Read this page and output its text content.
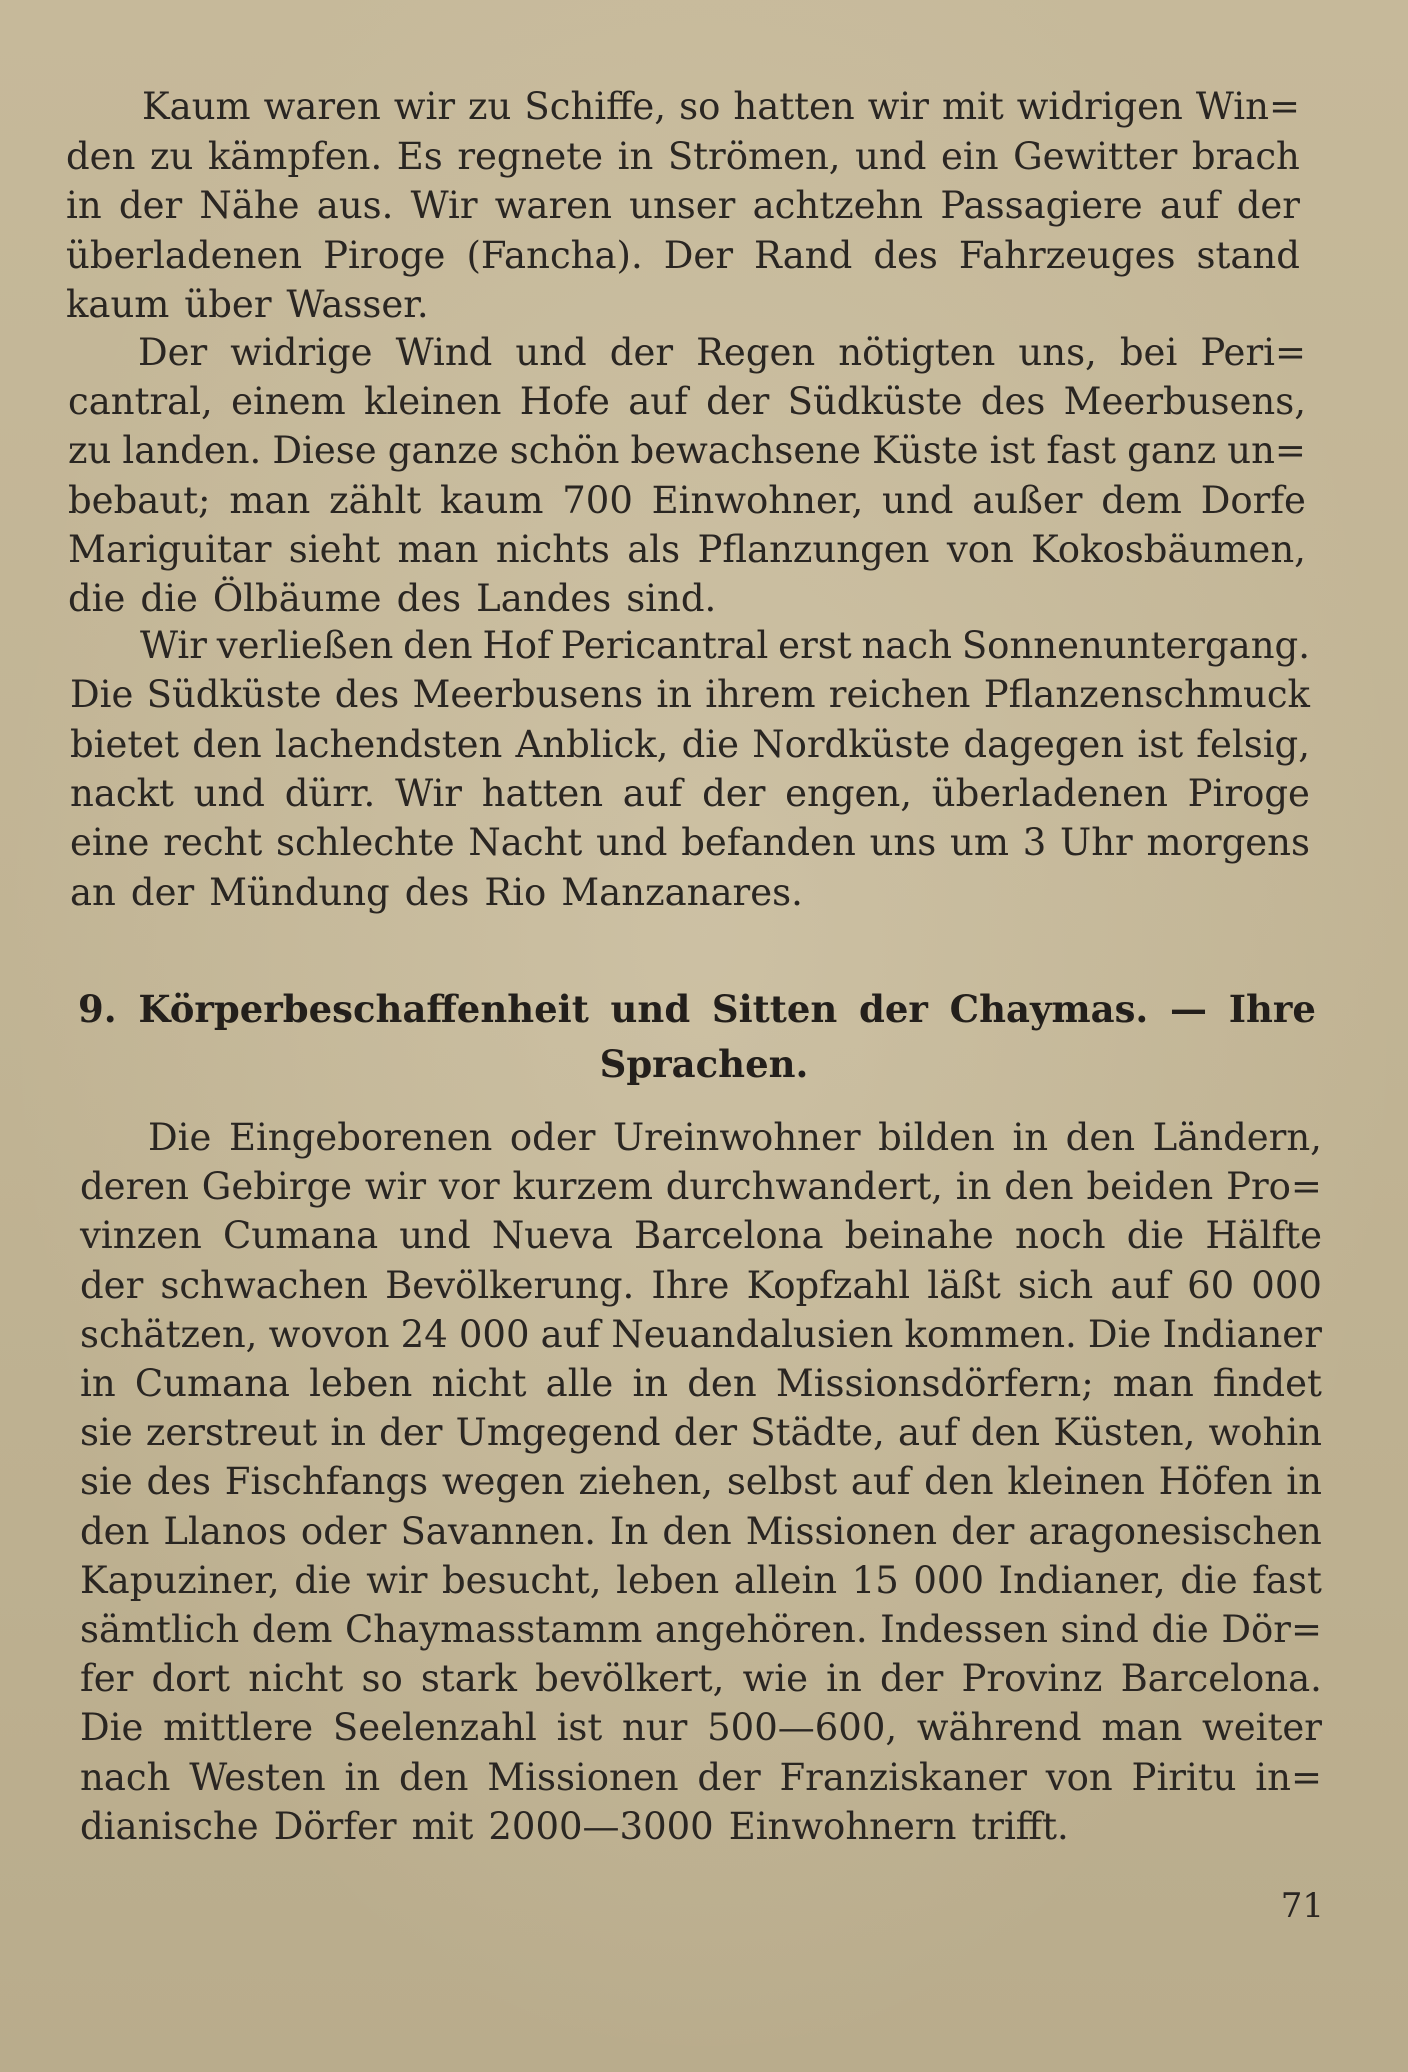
Kaum waren wir zu Schiffe, so hatten wir mit widrigen Win=
den zu kämpfen. Es regnete in Strömen, und ein Gewitter brach
in der Nähe aus. Wir waren unser achtzehn Passagiere auf der
überladenen Piroge (Fancha). Der Rand des Fahrzeuges stand
kaum über Wasser.
Der widrige Wind und der Regen nötigten uns, bei Peri=
cantral, einem kleinen Hofe auf der Südküste des Meerbusens,
zu landen. Diese ganze schön bewachsene Küste ist fast ganz un=
bebaut; man zählt kaum 700 Einwohner, und außer dem Dorfe
Mariguitar sieht man nichts als Pflanzungen von Kokosbäumen,
die die Ölbäume des Landes sind.
Wir verließen den Hof Pericantral erst nach Sonnenuntergang.
Die Südküste des Meerbusens in ihrem reichen Pflanzenschmuck
bietet den lachendsten Anblick, die Nordküste dagegen ist felsig,
nackt und dürr. Wir hatten auf der engen, überladenen Piroge
eine recht schlechte Nacht und befanden uns um 3 Uhr morgens
an der Mündung des Rio Manzanares.
Die Eingeborenen oder Ureinwohner bilden in den Ländern,
deren Gebirge wir vor kurzem durchwandert, in den beiden Pro=
vinzen Cumana und Nueva Barcelona beinahe noch die Hälfte
der schwachen Bevölkerung. Ihre Kopfzahl läßt sich auf 60 000
schätzen, wovon 24 000 auf Neuandalusien kommen. Die Indianer
in Cumana leben nicht alle in den Missionsdörfern; man findet
sie zerstreut in der Umgegend der Städte, auf den Küsten, wohin
sie des Fischfangs wegen ziehen, selbst auf den kleinen Höfen in
den Llanos oder Savannen. In den Missionen der aragonesischen
Kapuziner, die wir besucht, leben allein 15 000 Indianer, die fast
sämtlich dem Chaymasstamm angehören. Indessen sind die Dör=
fer dort nicht so stark bevölkert, wie in der Provinz Barcelona.
Die mittlere Seelenzahl ist nur 500—600, während man weiter
nach Westen in den Missionen der Franziskaner von Piritu in=
dianische Dörfer mit 2000—3000 Einwohnern trifft.
9. Körperbeschaffenheit und Sitten der Chaymas. — Ihre
Sprachen.
71
